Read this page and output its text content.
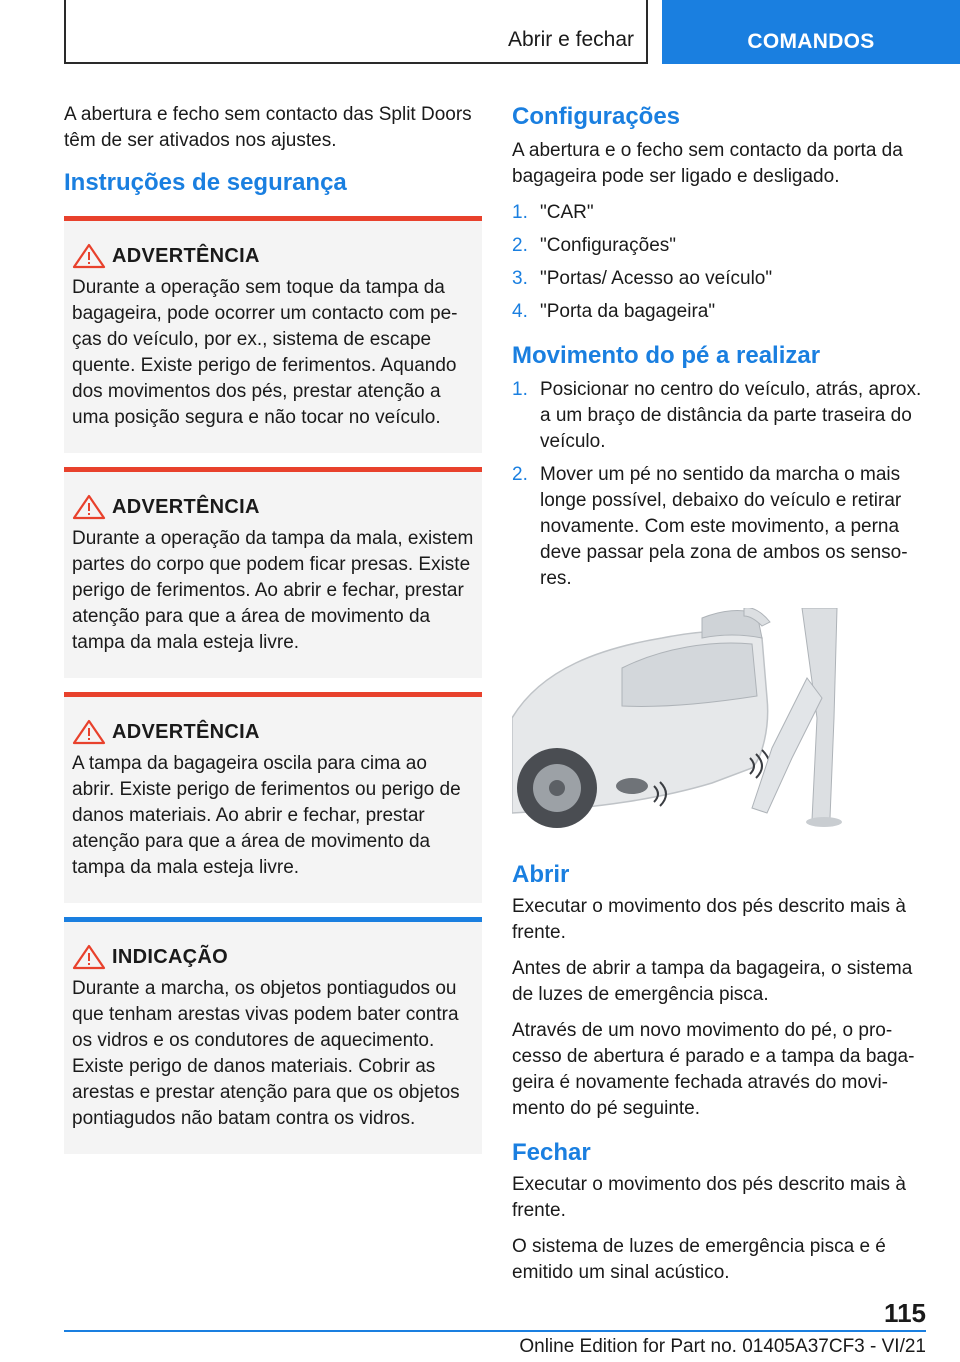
Abrir e fechar	COMANDOS

A abertura e fecho sem contacto das Split Doors têm de ser ativados nos ajustes.

Instruções de segurança
ADVERTÊNCIA

Durante a operação sem toque da tampa da bagageira, pode ocorrer um contacto com pe-ças do veículo, por ex., sistema de escape quente. Existe perigo de ferimentos. Aquando dos movimentos dos pés, prestar atenção a uma posição segura e não tocar no veículo.

ADVERTÊNCIA

Durante a operação da tampa da mala, existem partes do corpo que podem ficar presas. Existe perigo de ferimentos. Ao abrir e fechar, prestar atenção para que a área de movimento da tampa da mala esteja livre.

ADVERTÊNCIA

A tampa da bagageira oscila para cima ao abrir. Existe perigo de ferimentos ou perigo de danos materiais. Ao abrir e fechar, prestar atenção para que a área de movimento da tampa da mala esteja livre.

INDICAÇÃO

Durante a marcha, os objetos pontiagudos ou que tenham arestas vivas podem bater contra os vidros e os condutores de aquecimento. Existe perigo de danos materiais. Cobrir as arestas e prestar atenção para que os objetos pontiagudos não batam contra os vidros.

Configurações

A abertura e o fecho sem contacto da porta da bagageira pode ser ligado e desligado.

1. "CAR"
2. "Configurações"
3. "Portas/ Acesso ao veículo"
4. "Porta da bagageira"
Movimento do pé a realizar
1. Posicionar no centro do veículo, atrás, aprox. a um braço de distância da parte traseira do veículo.
2. Mover um pé no sentido da marcha o mais longe possível, debaixo do veículo e retirar novamente. Com este movimento, a perna deve passar pela zona de ambos os senso-res.
Abrir

Executar o movimento dos pés descrito mais à frente.

Antes de abrir a tampa da bagageira, o sistema de luzes de emergência pisca.

Através de um novo movimento do pé, o pro-cesso de abertura é parado e a tampa da baga-geira é novamente fechada através do movi-mento do pé seguinte.

Fechar

Executar o movimento dos pés descrito mais à frente.

O sistema de luzes de emergência pisca e é emitido um sinal acústico.

115
Online Edition for Part no. 01405A37CF3 - VI/21
